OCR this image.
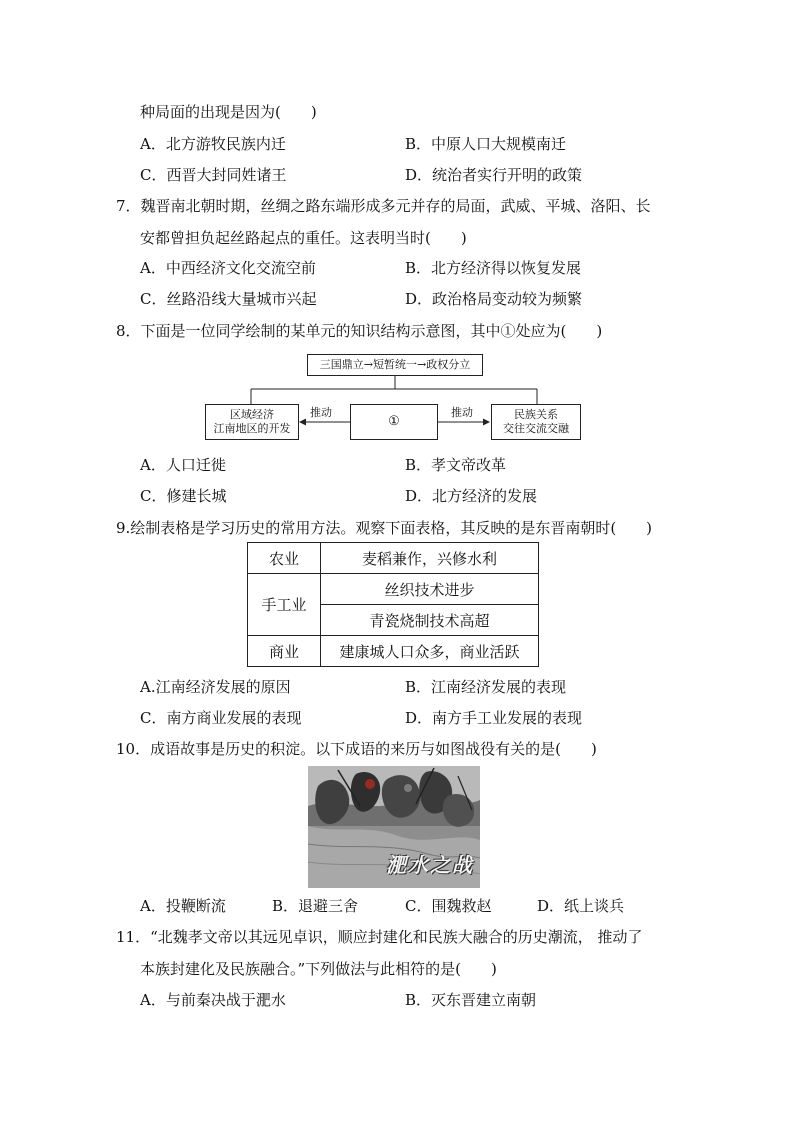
种局面的出现是因为(　　)
A．北方游牧民族内迁	B．中原人口大规模南迁
C．西晋大封同姓诸王	D．统治者实行开明的政策
7．魏晋南北朝时期，丝绸之路东端形成多元并存的局面，武威、平城、洛阳、长
安都曾担负起丝路起点的重任。这表明当时(　　)
A．中西经济文化交流空前	B．北方经济得以恢复发展
C．丝路沿线大量城市兴起	D．政治格局变动较为频繁
8．下面是一位同学绘制的某单元的知识结构示意图，其中①处应为(　　)
三国鼎立→短暂统一→政权分立
区域经济
江南地区的开发	①	民族关系
交往交流交融
推动	推动
A．人口迁徙	B．孝文帝改革
C．修建长城	D．北方经济的发展
9.绘制表格是学习历史的常用方法。观察下面表格，其反映的是东晋南朝时(　　)
农业	麦稻兼作，兴修水利
手工业	丝织技术进步
	青瓷烧制技术高超
商业	建康城人口众多，商业活跃
A.江南经济发展的原因	B．江南经济发展的表现
C．南方商业发展的表现	D．南方手工业发展的表现
10．成语故事是历史的积淀。以下成语的来历与如图战役有关的是(　　)
淝水之战
A．投鞭断流	B．退避三舍	C．围魏救赵	D．纸上谈兵
11．“北魏孝文帝以其远见卓识，顺应封建化和民族大融合的历史潮流， 推动了
本族封建化及民族融合。”下列做法与此相符的是(　　)
A．与前秦决战于淝水	B．灭东晋建立南朝
